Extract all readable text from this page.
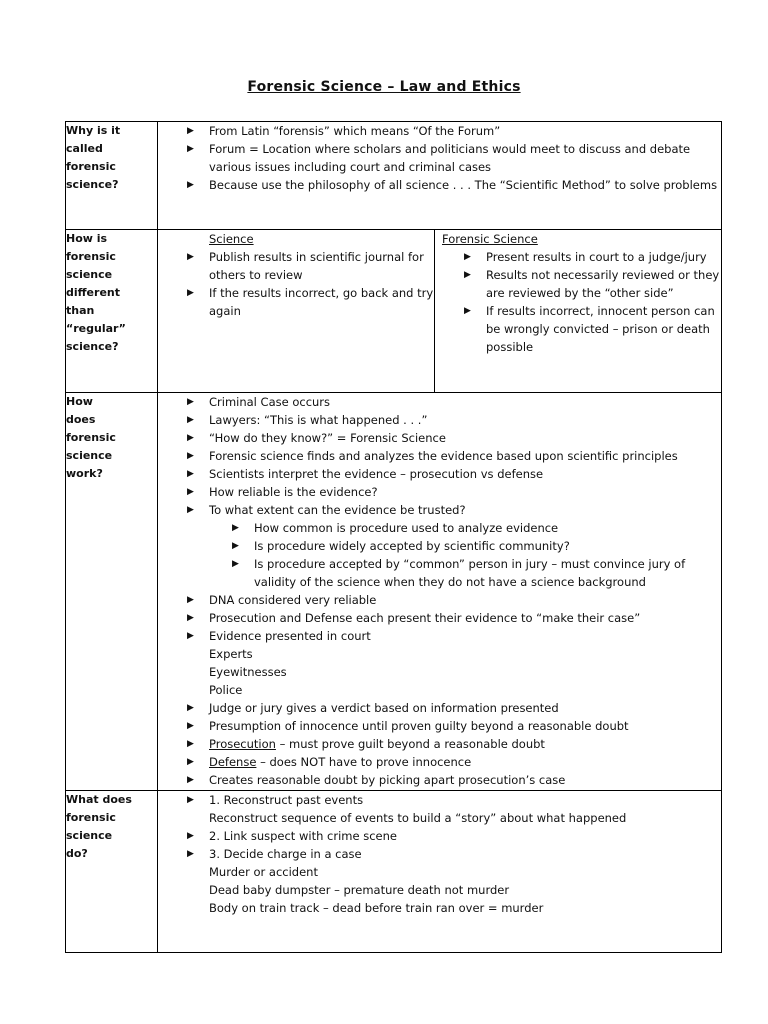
Forensic Science – Law and Ethics
Why is it called forensic science?

▶ From Latin “forensis” which means “Of the Forum”
▶ Forum = Location where scholars and politicians would meet to discuss and debate various issues including court and criminal cases
▶ Because use the philosophy of all science . . . The “Scientific Method” to solve problems

How is forensic science different than “regular” science?

Science
▶ Publish results in scientific journal for others to review
▶ If the results incorrect, go back and try again

Forensic Science
▶ Present results in court to a judge/jury
▶ Results not necessarily reviewed or they are reviewed by the “other side”
▶ If results incorrect, innocent person can be wrongly convicted – prison or death possible

How does forensic science work?

▶ Criminal Case occurs
▶ Lawyers: “This is what happened . . .”
▶ “How do they know?” = Forensic Science
▶ Forensic science finds and analyzes the evidence based upon scientific principles
▶ Scientists interpret the evidence – prosecution vs defense
▶ How reliable is the evidence?
▶ To what extent can the evidence be trusted?
▶ How common is procedure used to analyze evidence
▶ Is procedure widely accepted by scientific community?
▶ Is procedure accepted by “common” person in jury – must convince jury of validity of the science when they do not have a science background
▶ DNA considered very reliable
▶ Prosecution and Defense each present their evidence to “make their case”
▶ Evidence presented in court
Experts
Eyewitnesses
Police
▶ Judge or jury gives a verdict based on information presented
▶ Presumption of innocence until proven guilty beyond a reasonable doubt
▶ Prosecution – must prove guilt beyond a reasonable doubt
▶ Defense – does NOT have to prove innocence
▶ Creates reasonable doubt by picking apart prosecution’s case

What does forensic science do?

▶ 1. Reconstruct past events
Reconstruct sequence of events to build a “story” about what happened
▶ 2. Link suspect with crime scene
▶ 3. Decide charge in a case
Murder or accident
Dead baby dumpster – premature death not murder
Body on train track – dead before train ran over = murder
